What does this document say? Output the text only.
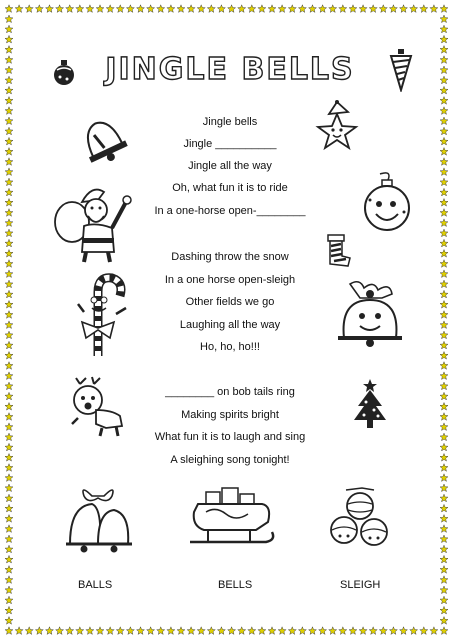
JINGLE BELLS
Jingle bells
Jingle __________
Jingle all the way
Oh, what fun it is to ride
In a one-horse open-________
Dashing throw the snow
In a one horse open-sleigh
Other fields we go
Laughing all the way
Ho, ho, ho!!!
________ on bob tails ring
Making spirits bright
What fun it is to laugh and sing
A sleighing song tonight!
BALLS	BELLS	SLEIGH
